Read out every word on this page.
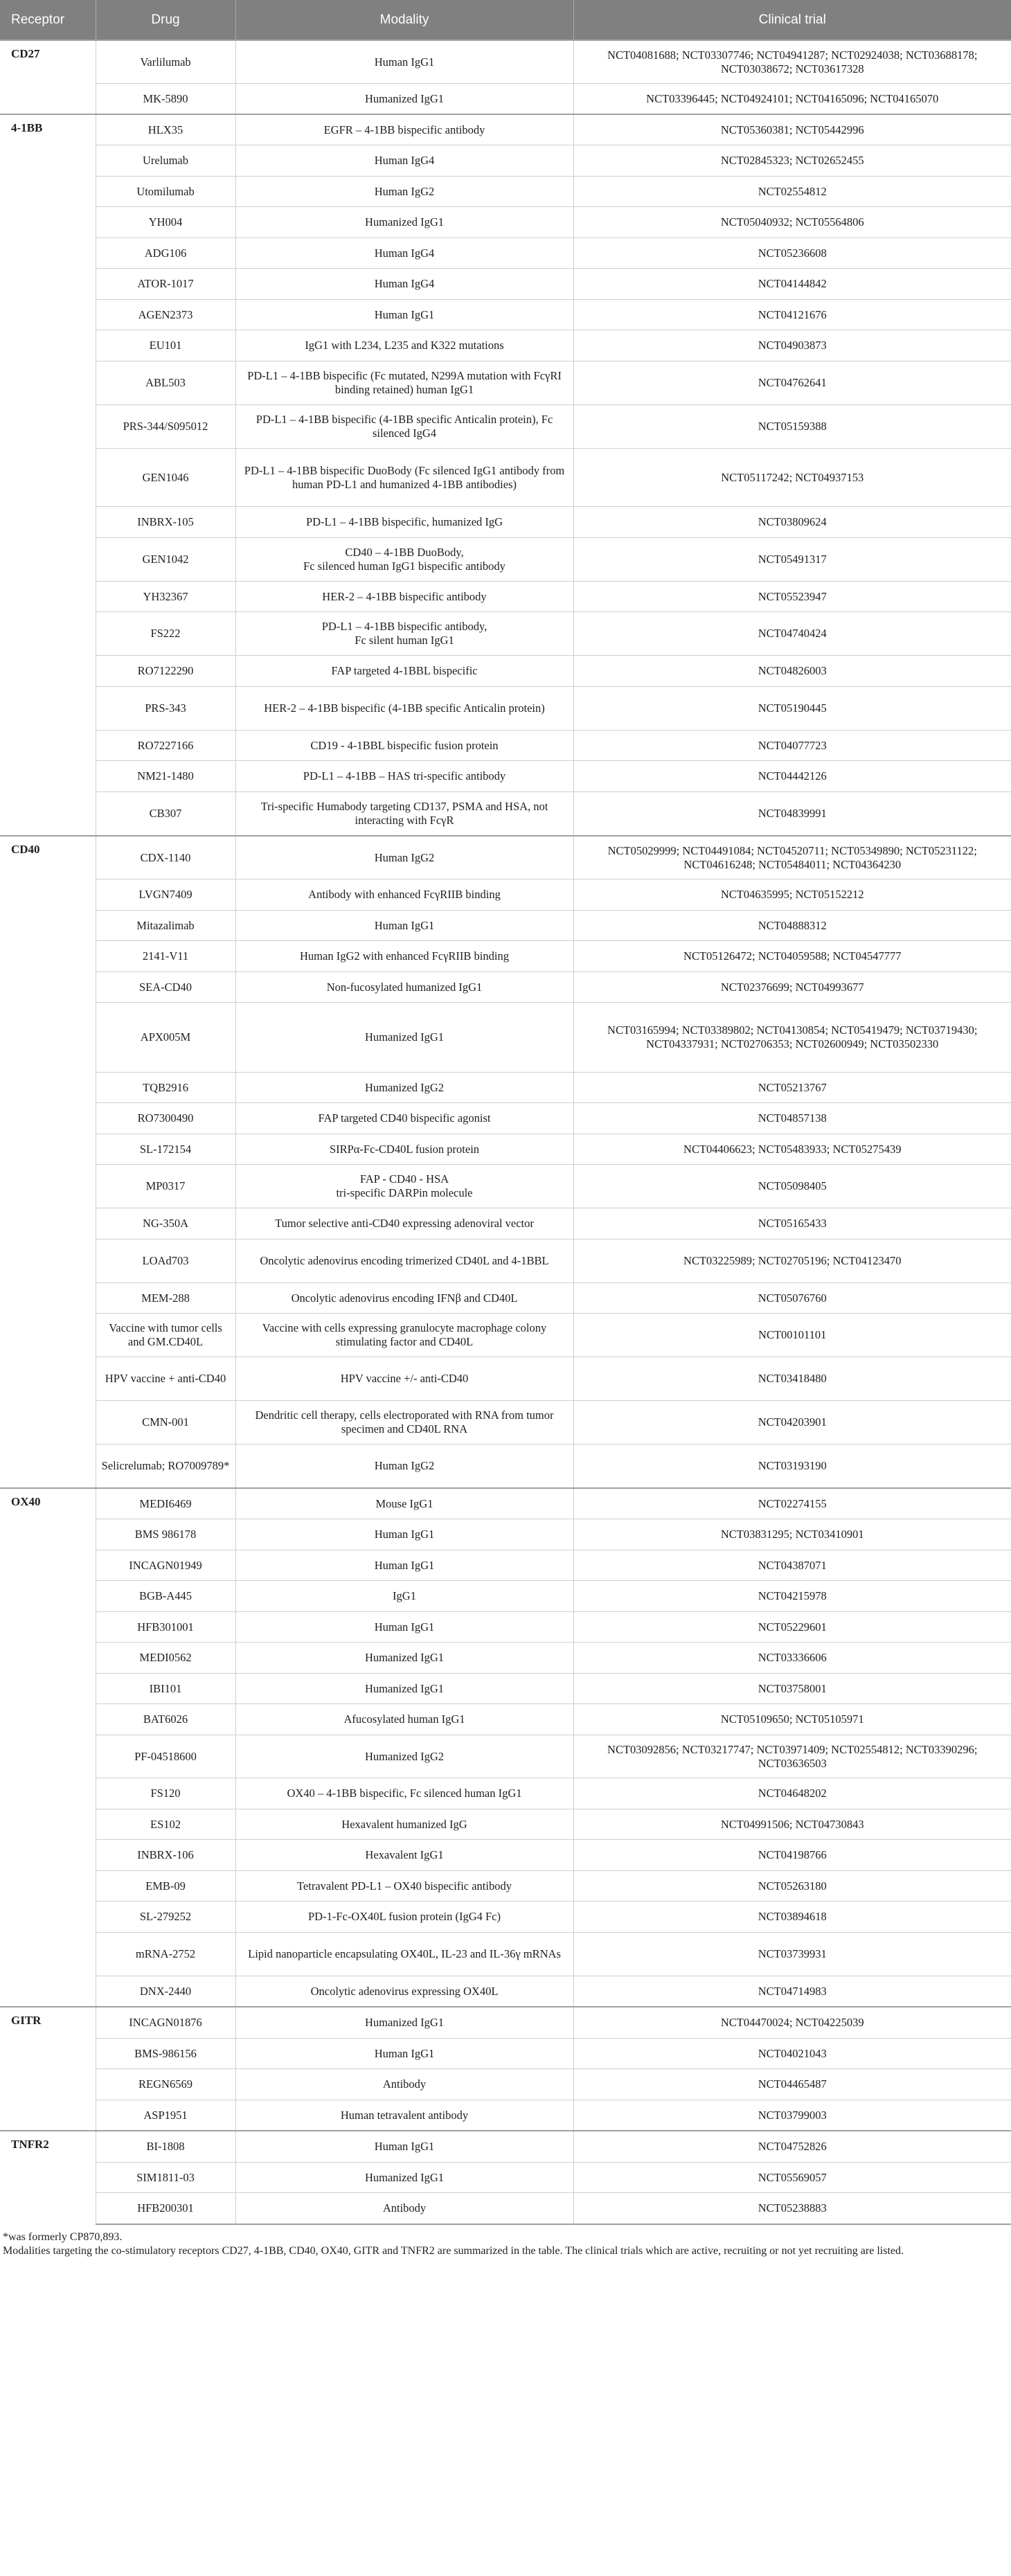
Receptor	Drug	Modality	Clinical trial
CD27	Varlilumab	Human IgG1	NCT04081688; NCT03307746; NCT04941287; NCT02924038; NCT03688178; NCT03038672; NCT03617328
	MK-5890	Humanized IgG1	NCT03396445; NCT04924101; NCT04165096; NCT04165070
4-1BB	HLX35	EGFR – 4-1BB bispecific antibody	NCT05360381; NCT05442996
	Urelumab	Human IgG4	NCT02845323; NCT02652455
	Utomilumab	Human IgG2	NCT02554812
	YH004	Humanized IgG1	NCT05040932; NCT05564806
	ADG106	Human IgG4	NCT05236608
	ATOR-1017	Human IgG4	NCT04144842
	AGEN2373	Human IgG1	NCT04121676
	EU101	IgG1 with L234, L235 and K322 mutations	NCT04903873
	ABL503	PD-L1 – 4-1BB bispecific (Fc mutated, N299A mutation with FcγRI binding retained) human IgG1	NCT04762641
	PRS-344/S095012	PD-L1 – 4-1BB bispecific (4-1BB specific Anticalin protein), Fc silenced IgG4	NCT05159388
	GEN1046	PD-L1 – 4-1BB bispecific DuoBody (Fc silenced IgG1 antibody from human PD-L1 and humanized 4-1BB antibodies)	NCT05117242; NCT04937153
	INBRX-105	PD-L1 – 4-1BB bispecific, humanized IgG	NCT03809624
	GEN1042	CD40 – 4-1BB DuoBody,
Fc silenced human IgG1 bispecific antibody	NCT05491317
	YH32367	HER-2 – 4-1BB bispecific antibody	NCT05523947
	FS222	PD-L1 – 4-1BB bispecific antibody,
Fc silent human IgG1	NCT04740424
	RO7122290	FAP targeted 4-1BBL bispecific	NCT04826003
	PRS-343	HER-2 – 4-1BB bispecific (4-1BB specific Anticalin protein)	NCT05190445
	RO7227166	CD19 - 4-1BBL bispecific fusion protein	NCT04077723
	NM21-1480	PD-L1 – 4-1BB – HAS tri-specific antibody	NCT04442126
	CB307	Tri-specific Humabody targeting CD137, PSMA and HSA, not interacting with FcγR	NCT04839991
CD40	CDX-1140	Human IgG2	NCT05029999; NCT04491084; NCT04520711; NCT05349890; NCT05231122; NCT04616248; NCT05484011; NCT04364230
	LVGN7409	Antibody with enhanced FcγRIIB binding	NCT04635995; NCT05152212
	Mitazalimab	Human IgG1	NCT04888312
	2141-V11	Human IgG2 with enhanced FcγRIIB binding	NCT05126472; NCT04059588; NCT04547777
	SEA-CD40	Non-fucosylated humanized IgG1	NCT02376699; NCT04993677
	APX005M	Humanized IgG1	NCT03165994; NCT03389802; NCT04130854; NCT05419479; NCT03719430; NCT04337931; NCT02706353; NCT02600949; NCT03502330
	TQB2916	Humanized IgG2	NCT05213767
	RO7300490	FAP targeted CD40 bispecific agonist	NCT04857138
	SL-172154	SIRPα-Fc-CD40L fusion protein	NCT04406623; NCT05483933; NCT05275439
	MP0317	FAP - CD40 - HSA
tri-specific DARPin molecule	NCT05098405
	NG-350A	Tumor selective anti-CD40 expressing adenoviral vector	NCT05165433
	LOAd703	Oncolytic adenovirus encoding trimerized CD40L and 4-1BBL	NCT03225989; NCT02705196; NCT04123470
	MEM-288	Oncolytic adenovirus encoding IFNβ and CD40L	NCT05076760
	Vaccine with tumor cells and GM.CD40L	Vaccine with cells expressing granulocyte macrophage colony stimulating factor and CD40L	NCT00101101
	HPV vaccine + anti-CD40	HPV vaccine +/- anti-CD40	NCT03418480
	CMN-001	Dendritic cell therapy, cells electroporated with RNA from tumor specimen and CD40L RNA	NCT04203901
	Selicrelumab; RO7009789*	Human IgG2	NCT03193190
OX40	MEDI6469	Mouse IgG1	NCT02274155
	BMS 986178	Human IgG1	NCT03831295; NCT03410901
	INCAGN01949	Human IgG1	NCT04387071
	BGB-A445	IgG1	NCT04215978
	HFB301001	Human IgG1	NCT05229601
	MEDI0562	Humanized IgG1	NCT03336606
	IBI101	Humanized IgG1	NCT03758001
	BAT6026	Afucosylated human IgG1	NCT05109650; NCT05105971
	PF-04518600	Humanized IgG2	NCT03092856; NCT03217747; NCT03971409; NCT02554812; NCT03390296; NCT03636503
	FS120	OX40 – 4-1BB bispecific, Fc silenced human IgG1	NCT04648202
	ES102	Hexavalent humanized IgG	NCT04991506; NCT04730843
	INBRX-106	Hexavalent IgG1	NCT04198766
	EMB-09	Tetravalent PD-L1 – OX40 bispecific antibody	NCT05263180
	SL-279252	PD-1-Fc-OX40L fusion protein (IgG4 Fc)	NCT03894618
	mRNA-2752	Lipid nanoparticle encapsulating OX40L, IL-23 and IL-36γ mRNAs	NCT03739931
	DNX-2440	Oncolytic adenovirus expressing OX40L	NCT04714983
GITR	INCAGN01876	Humanized IgG1	NCT04470024; NCT04225039
	BMS-986156	Human IgG1	NCT04021043
	REGN6569	Antibody	NCT04465487
	ASP1951	Human tetravalent antibody	NCT03799003
TNFR2	BI-1808	Human IgG1	NCT04752826
	SIM1811-03	Humanized IgG1	NCT05569057
	HFB200301	Antibody	NCT05238883

*was formerly CP870,893.

Modalities targeting the co-stimulatory receptors CD27, 4-1BB, CD40, OX40, GITR and TNFR2 are summarized in the table. The clinical trials which are active, recruiting or not yet recruiting are listed.
